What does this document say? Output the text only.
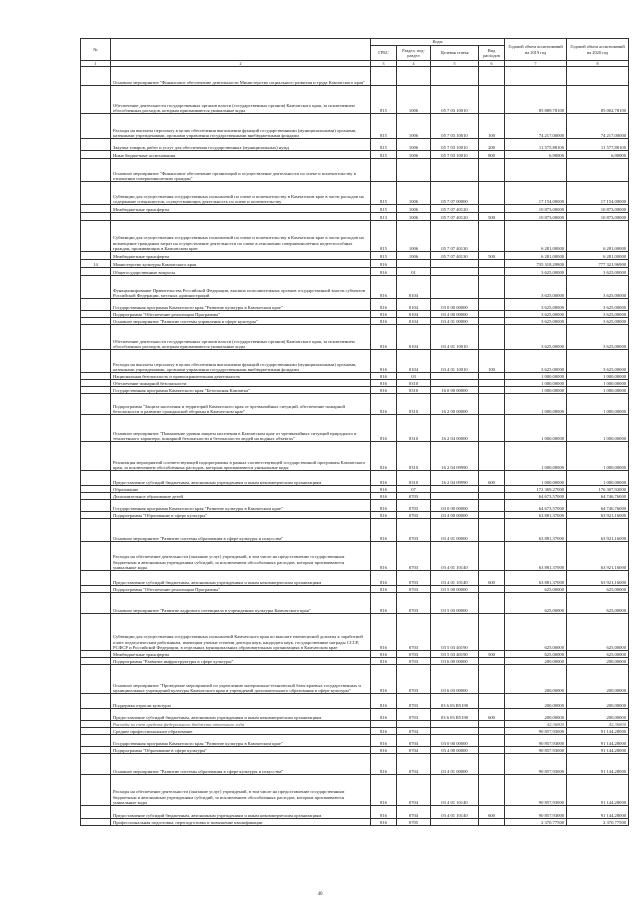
№		Коды				Годовой объем ассигнований на 2019 год	Годовой объем ассигнований на 2020 год
		ГРБС	Раздел, под-раздел	Целевая статья	Вид расходов		
1	2	3	4	5	6	7	8
	Основное мероприятие "Финансовое обеспечение деятельности Министерства социального развития и труда Камчатского края"						
	Обеспечение деятельности государственных органов власти (государственных органов) Камчатского края, за исключением обособленных расходов, которым присваиваются уникальные коды	815	1006	05 7 03 10010		85 889,78100	85 002,78100
	Расходы на выплаты персоналу в целях обеспечения выполнения функций государственными (муниципальными) органами, казенными учреждениями, органами управления государственными внебюджетными фондами	815	1006	05 7 03 10010	100	74 217,00000	74 217,00000
	Закупка товаров, работ и услуг для обеспечения государственных (муниципальных) нужд	815	1006	05 7 03 10010	200	11 575,88100	11 577,88100
	Иные бюджетные ассигнования	815	1006	05 7 03 10010	800	6,90000	6,90000
	Основное мероприятие "Финансовое обеспечение организаций и осуществление деятельности по опеке и попечительству в отношении совершеннолетних граждан"						
	Субвенции для осуществления государственных полномочий по опеке и попечительству в Камчатском крае в части расходов на содержание специалистов, осуществляющих деятельность по опеке и попечительству	815	1006	05 7 07 00000		17 154,00000	17 154,00000
	Межбюджетные трансферты	815	1006	05 7 07 40120		10 873,00000	10 873,00000
		813	1006	05 7 07 40120	500	10 873,00000	10 873,00000
	Субвенции для осуществления государственных полномочий по опеке и попечительству в Камчатском крае в части расходов на возмещение гражданам затрат на осуществление деятельности по опеке в отношении совершеннолетних недееспособных граждан, проживающих в Камчатском крае	815	1006	05 7 07 40130		6 281,00000	6 281,00000
	Межбюджетные трансферты	815	1006	05 7 07 40130	500	6 281,00000	6 281,00000
14	Министерство культуры Камчатского края	816				735 318,29800	777 321,96900
	Общегосударственные вопросы	816	01			3 625,00000	3 625,00000
	Функционирование Правительства Российской Федерации, высших исполнительных органов государственной власти субъектов Российской Федерации, местных администраций	816	0104			3 625,00000	3 625,00000
	Государственная программа Камчатского края "Развитие культуры в Камчатском крае"	816	0104	03 0 00 00000		3 625,00000	3 625,00000
	Подпрограмма "Обеспечение реализации Программы"	816	0104	03 4 00 00000		3 625,00000	3 625,00000
	Основное мероприятие "Развитие системы управления в сфере культуры"	816	0104	03 4 01 00000		3 625,00000	3 625,00000
	Обеспечение деятельности государственных органов власти (государственных органов) Камчатского края, за исключением обособленных расходов, которым присваиваются уникальные коды	816	0104	03 4 01 10010		3 625,00000	3 625,00000
	Расходы на выплаты персоналу в целях обеспечения выполнения функций государственными (муниципальными) органами, казенными учреждениями, органами управления государственными внебюджетными фондами	816	0104	03 4 01 10010	100	3 625,00000	3 625,00000
	Национальная безопасность и правоохранительная деятельность	816	03			1 000,00000	1 000,00000
	Обеспечение пожарной безопасности	816	0310			1 000,00000	1 000,00000
	Государственная программа Камчатского края "Безопасная Камчатка"	816	0310	16 0 00 00000		1 000,00000	1 000,00000
	Подпрограмма "Защита населения и территорий Камчатского края от чрезвычайных ситуаций, обеспечение пожарной безопасности и развитие гражданской обороны в Камчатском крае"	816	0310	16 2 00 00000		1 000,00000	1 000,00000
	Основное мероприятие "Повышение уровня защиты населения в Камчатском крае от чрезвычайных ситуаций природного и техногенного характера, пожарной безопасности и безопасности людей на водных объектах"	816	0310	16 2 04 00000		1 000,00000	1 000,00000
	Реализация мероприятий соответствующей подпрограммы в рамках соответствующей государственной программы Камчатского края, за исключением обособленных расходов, которым присваиваются уникальные коды	816	0310	16 2 04 09990		1 000,00000	1 000,00000
	Предоставление субсидий бюджетным, автономным учреждениям и иным некоммерческим организациям	816	0310	16 2 04 09990	600	1 000,00000	1 000,00000
	Образование	816	07			172 369,27000	176 307,92000
	Дополнительное образование детей	816	0703			64 673,57000	64 746,76000
	Государственная программа Камчатского края "Развитие культуры в Камчатском крае"	816	0703	03 0 00 00000		64 673,57000	64 746,76000
	Подпрограмма "Образование в сфере культуры"	816	0703	03 4 00 00000		63 881,37000	63 921,16000
	Основное мероприятие "Развитие системы образования в сфере культуры и искусства"	816	0703	03 4 01 00000		63 881,37000	63 921,16000
	Расходы на обеспечение деятельности (оказание услуг) учреждений, в том числе на предоставление государственным бюджетным и автономным учреждениям субсидий, за исключением обособленных расходов, которым присваиваются уникальные коды	816	0703	03 4 01 10140		63 881,37000	63 921,16000
	Предоставление субсидий бюджетным, автономным учреждениям и иным некоммерческим организациям	816	0703	03 4 01 10140	600	63 881,37000	63 921,16000
	Подпрограмма "Обеспечение реализации Программы"	816	0703	03 5 00 00000		625,00000	625,00000
	Основное мероприятие "Развитие кадрового потенциала в учреждениях культуры Камчатского края"	816	0703	03 5 03 00000		625,00000	625,00000
	Субвенции для осуществления государственных полномочий Камчатского края по выплате ежемесячной доплаты к заработной плате педагогическим работникам, имеющим ученые степени доктора наук, кандидата наук, государственные награды СССР, РСФСР и Российской Федерации, в отдельных муниципальных образовательных организациях в Камчатском крае	816	0703	03 5 03 40190		625,00000	625,00000
	Межбюджетные трансферты	816	0703	03 5 03 40190	500	625,00000	625,00000
	Подпрограмма "Развитие инфраструктуры в сфере культуры"	816	0703	03 6 00 00000		200,00000	200,00000
	Основное мероприятие "Проведение мероприятий по укреплению материально-технической базы краевых государственных и муниципальных учреждений культуры Камчатского края и учреждений дополнительного образования в сфере культуры"	816	0703	03 6 03 00000		200,00000	200,00000
	Поддержка отрасли культуры	816	0703	03 6 03 R5190		200,00000	200,00000
	Предоставление субсидий бюджетным, автономным учреждениям и иным некоммерческим организациям	816	0703	03 6 03 R5190	600	200,00000	200,00000
	Расходы за счет средств федерального бюджета отчетного года					42,36800	42,36800
	Среднее профессиональное образование	816	0704			90 857,93000	91 144,28000
	Государственная программа Камчатского края "Развитие культуры в Камчатском крае"	816	0704	03 0 00 00000		90 857,93000	91 144,28000
	Подпрограмма "Образование в сфере культуры"	816	0704	03 4 00 00000		90 857,93000	91 144,28000
	Основное мероприятие "Развитие системы образования в сфере культуры и искусства"	816	0704	03 4 01 00000		90 857,93000	91 144,28000
	Расходы на обеспечение деятельности (оказание услуг) учреждений, в том числе на предоставление государственным бюджетным и автономным учреждениям субсидий, за исключением обособленных расходов, которым присваиваются уникальные коды	816	0704	03 4 01 10140		90 857,93000	91 144,28000
	Предоставление субсидий бюджетным, автономным учреждениям и иным некоммерческим организациям	816	0704	03 4 01 10140	600	90 857,93000	91 144,28000
	Профессиональная подготовка, переподготовка и повышение квалификации	816	0705			2 370,77500	2 370,77500
40
